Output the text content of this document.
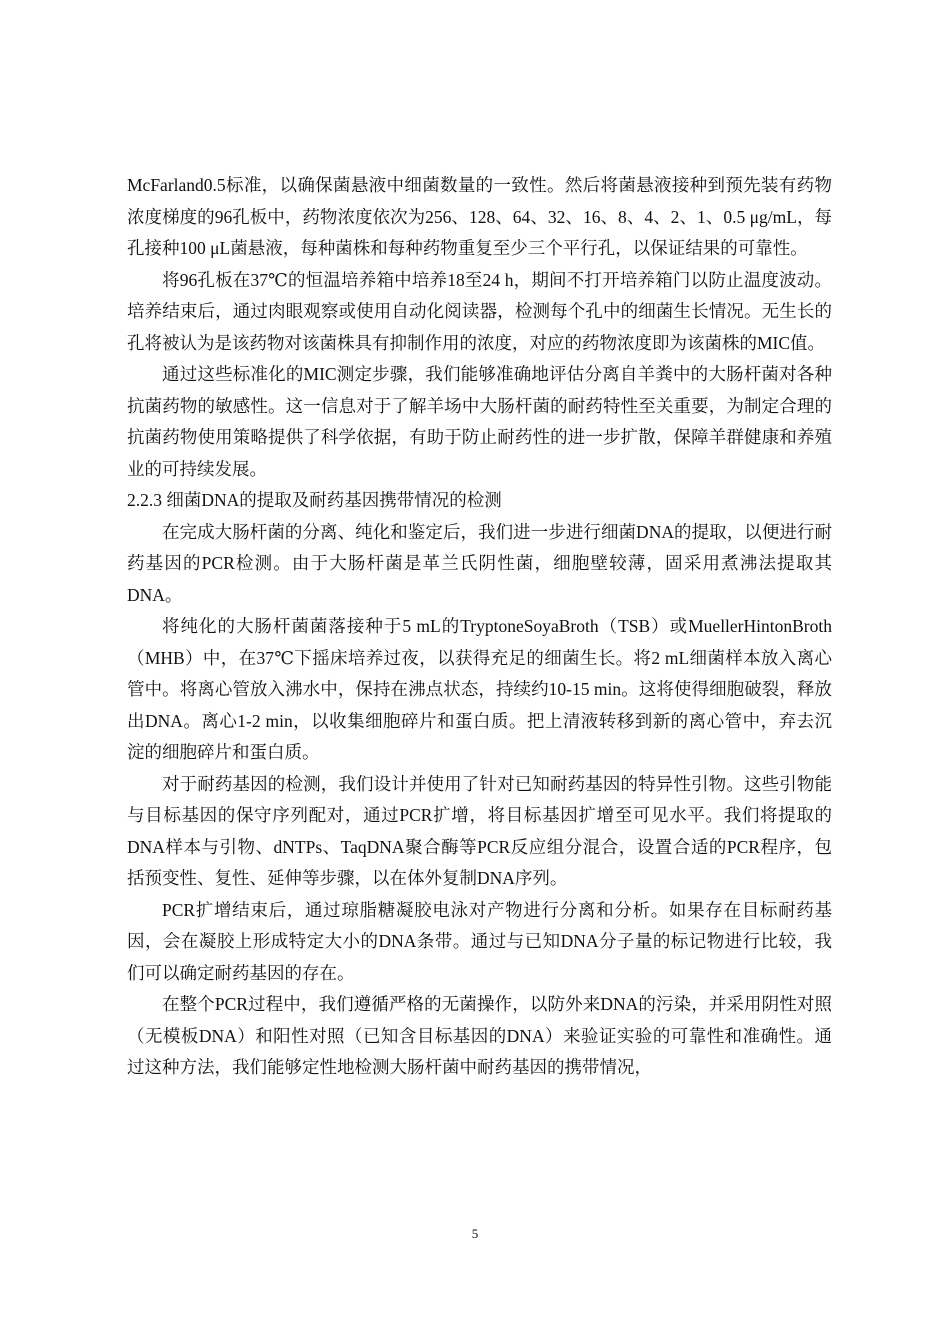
McFarland0.5标准，以确保菌悬液中细菌数量的一致性。然后将菌悬液接种到预先装有药物浓度梯度的96孔板中，药物浓度依次为256、128、64、32、16、8、4、2、1、0.5 μg/mL，每孔接种100 μL菌悬液，每种菌株和每种药物重复至少三个平行孔，以保证结果的可靠性。

将96孔板在37℃的恒温培养箱中培养18至24 h，期间不打开培养箱门以防止温度波动。培养结束后，通过肉眼观察或使用自动化阅读器，检测每个孔中的细菌生长情况。无生长的孔将被认为是该药物对该菌株具有抑制作用的浓度，对应的药物浓度即为该菌株的MIC值。

通过这些标准化的MIC测定步骤，我们能够准确地评估分离自羊粪中的大肠杆菌对各种抗菌药物的敏感性。这一信息对于了解羊场中大肠杆菌的耐药特性至关重要，为制定合理的抗菌药物使用策略提供了科学依据，有助于防止耐药性的进一步扩散，保障羊群健康和养殖业的可持续发展。

2.2.3 细菌DNA的提取及耐药基因携带情况的检测

在完成大肠杆菌的分离、纯化和鉴定后，我们进一步进行细菌DNA的提取，以便进行耐药基因的PCR检测。由于大肠杆菌是革兰氏阴性菌，细胞壁较薄，固采用煮沸法提取其DNA。

将纯化的大肠杆菌菌落接种于5 mL的TryptoneSoyaBroth（TSB）或MuellerHintonBroth（MHB）中，在37℃下摇床培养过夜，以获得充足的细菌生长。将2 mL细菌样本放入离心管中。将离心管放入沸水中，保持在沸点状态，持续约10-15 min。这将使得细胞破裂，释放出DNA。离心1-2 min，以收集细胞碎片和蛋白质。把上清液转移到新的离心管中，弃去沉淀的细胞碎片和蛋白质。

对于耐药基因的检测，我们设计并使用了针对已知耐药基因的特异性引物。这些引物能与目标基因的保守序列配对，通过PCR扩增，将目标基因扩增至可见水平。我们将提取的DNA样本与引物、dNTPs、TaqDNA聚合酶等PCR反应组分混合，设置合适的PCR程序，包括预变性、复性、延伸等步骤，以在体外复制DNA序列。

PCR扩增结束后，通过琼脂糖凝胶电泳对产物进行分离和分析。如果存在目标耐药基因，会在凝胶上形成特定大小的DNA条带。通过与已知DNA分子量的标记物进行比较，我们可以确定耐药基因的存在。

在整个PCR过程中，我们遵循严格的无菌操作，以防外来DNA的污染，并采用阴性对照（无模板DNA）和阳性对照（已知含目标基因的DNA）来验证实验的可靠性和准确性。通过这种方法，我们能够定性地检测大肠杆菌中耐药基因的携带情况，

5
